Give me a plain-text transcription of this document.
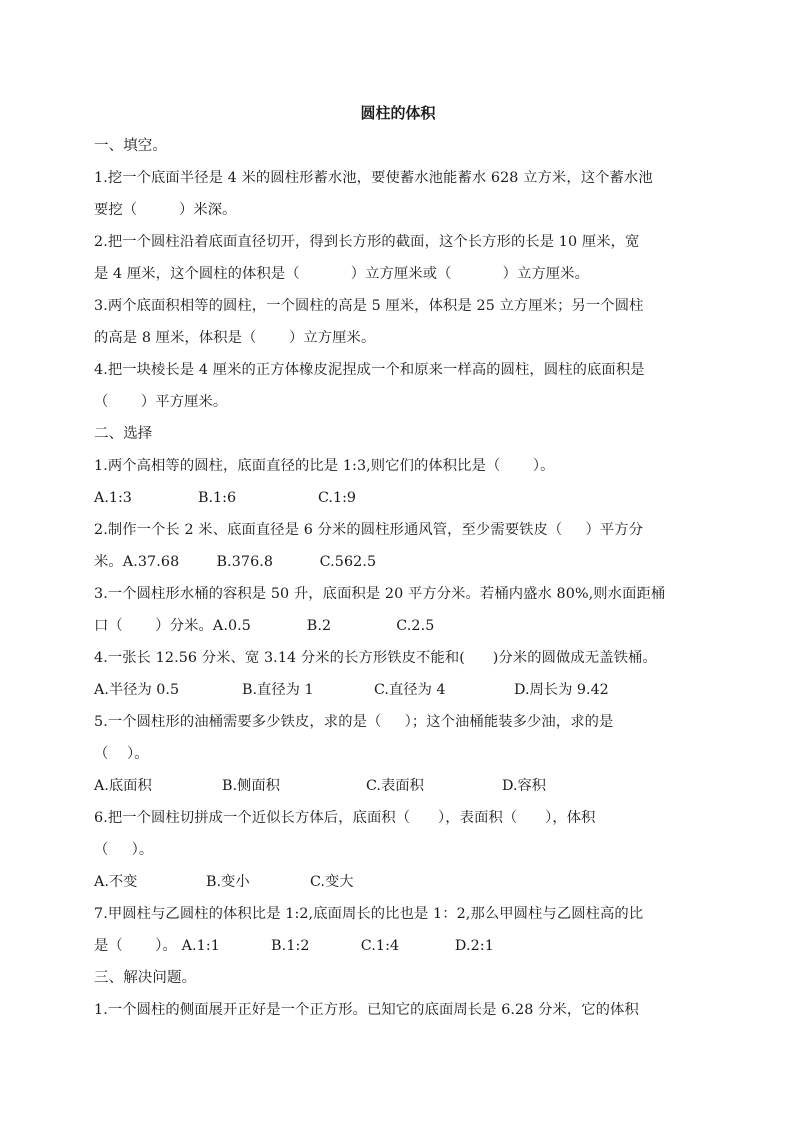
圆柱的体积
一、填空。
1.挖一个底面半径是 4 米的圆柱形蓄水池，要使蓄水池能蓄水 628 立方米，这个蓄水池
要挖（         ）米深。
2.把一个圆柱沿着底面直径切开，得到长方形的截面，这个长方形的长是 10 厘米，宽
是 4 厘米，这个圆柱的体积是（           ）立方厘米或（           ）立方厘米。
3.两个底面积相等的圆柱，一个圆柱的高是 5 厘米，体积是 25 立方厘米；另一个圆柱
的高是 8 厘米，体积是（       ）立方厘米。
4.把一块棱长是 4 厘米的正方体橡皮泥捏成一个和原来一样高的圆柱，圆柱的底面积是
（       ）平方厘米。
二、选择
1.两个高相等的圆柱，底面直径的比是 1:3,则它们的体积比是（       ）。
A.1:3	B.1:6	C.1:9
2.制作一个长 2 米、底面直径是 6 分米的圆柱形通风管，至少需要铁皮（     ）平方分
米。A.37.68        B.376.8          C.562.5
3.一个圆柱形水桶的容积是 50 升，底面积是 20 平方分米。若桶内盛水 80%,则水面距桶
口（       ）分米。A.0.5            B.2              C.2.5
4.一张长 12.56 分米、宽 3.14 分米的长方形铁皮不能和(      )分米的圆做成无盖铁桶。
A.半径为 0.5	B.直径为 1	C.直径为 4	D.周长为 9.42
5.一个圆柱形的油桶需要多少铁皮，求的是（     ）；这个油桶能装多少油，求的是
（    ）。
A.底面积	B.侧面积	C.表面积	D.容积
6.把一个圆柱切拼成一个近似长方体后，底面积（      ），表面积（      ），体积
（     ）。
A.不变	B.变小	C.变大
7.甲圆柱与乙圆柱的体积比是 1:2,底面周长的比也是 1：2,那么甲圆柱与乙圆柱高的比
是（       ）。 A.1:1           B.1:2           C.1:4            D.2:1
三、解决问题。
1.一个圆柱的侧面展开正好是一个正方形。已知它的底面周长是 6.28 分米，它的体积
